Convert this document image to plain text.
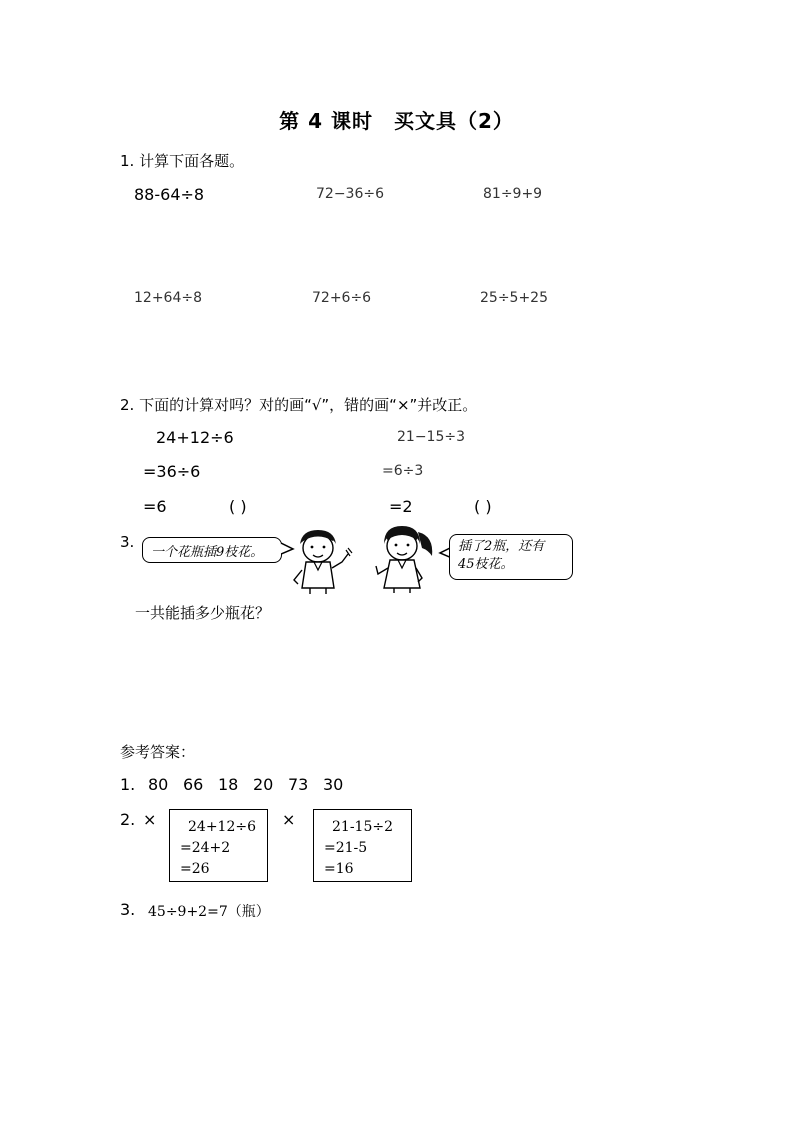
第 4 课时　买文具（2）
1. 计算下面各题。
88-64÷8	72−36÷6	81÷9+9
12+64÷8	72+6÷6	25÷5+25
2. 下面的计算对吗？对的画“√”，错的画“×”并改正。
24+12÷6
=36÷6
=6	( )
21−15÷3
=6÷3
=2	( )
3.
一个花瓶插9枝花。	插了2瓶，还有
45枝花。
一共能插多少瓶花？
参考答案：
1. 80 66 18 20 73 30
2. × 24+12÷6
=24+2
=26
×	21-15÷2
=21-5
=16
3. 45÷9+2=7（瓶）
